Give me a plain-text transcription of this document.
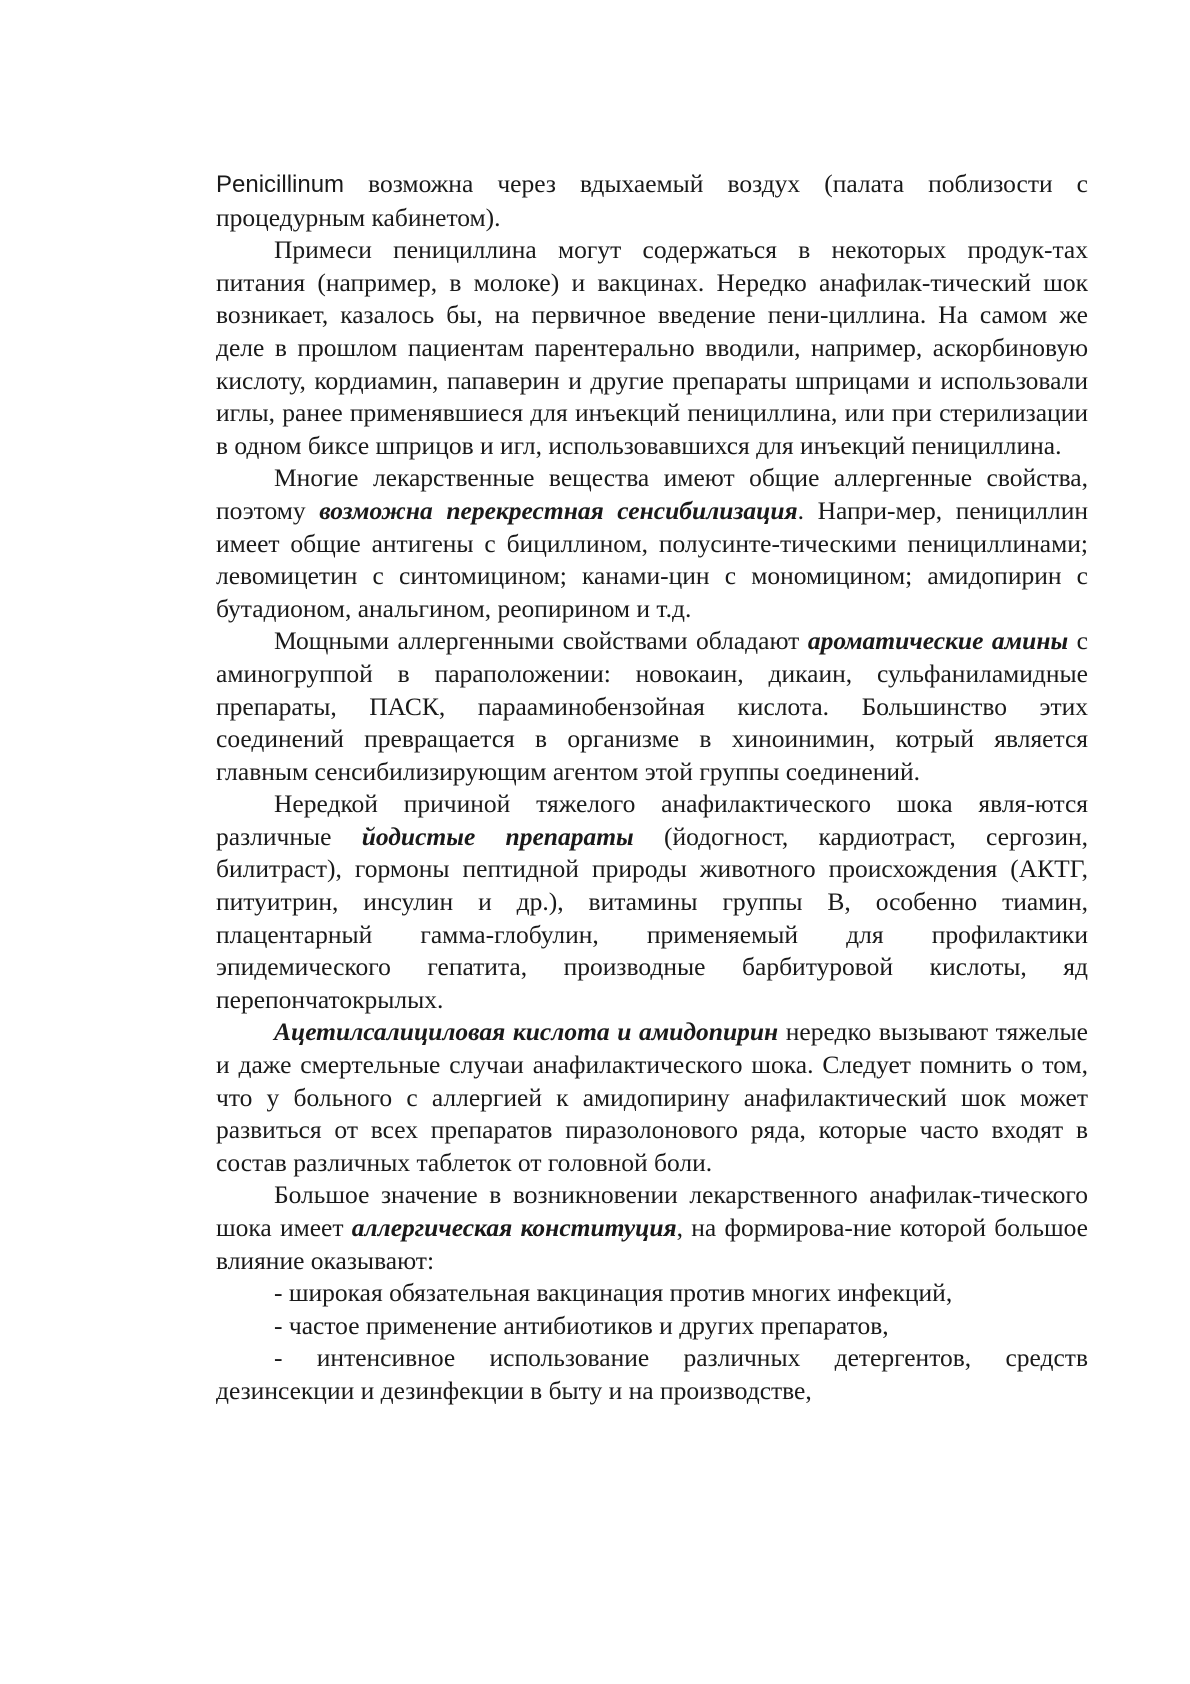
Penicillinum возможна через вдыхаемый воздух (палата поблизости с процедурным кабинетом).

Примеси пенициллина могут содержаться в некоторых продук-тах питания (например, в молоке) и вакцинах. Нередко анафилак-тический шок возникает, казалось бы, на первичное введение пени-циллина. На самом же деле в прошлом пациентам парентерально вводили, например, аскорбиновую кислоту, кордиамин, папаверин и другие препараты шприцами и использовали иглы, ранее применявшиеся для инъекций пенициллина, или при стерилизации в одном биксе шприцов и игл, использовавшихся для инъекций пенициллина.

Многие лекарственные вещества имеют общие аллергенные свойства, поэтому возможна перекрестная сенсибилизация. Напри-мер, пенициллин имеет общие антигены с бициллином, полусинте-тическими пенициллинами; левомицетин с синтомицином; канами-цин с мономицином; амидопирин с бутадионом, анальгином, реопирином и т.д.

Мощными аллергенными свойствами обладают ароматические амины с аминогруппой в параположении: новокаин, дикаин, сульфаниламидные препараты, ПАСК, парааминобензойная кислота. Большинство этих соединений превращается в организме в хиноинимин, котрый является главным сенсибилизирующим агентом этой группы соединений.

Нередкой причиной тяжелого анафилактического шока явля-ются различные йодистые препараты (йодогност, кардиотраст, сергозин, билитраст), гормоны пептидной природы животного происхождения (АКТГ, питуитрин, инсулин и др.), витамины группы В, особенно тиамин, плацентарный гамма-глобулин, применяемый для профилактики эпидемического гепатита, производные барбитуровой кислоты, яд перепончатокрылых.

Ацетилсалициловая кислота и амидопирин нередко вызывают тяжелые и даже смертельные случаи анафилактического шока. Следует помнить о том, что у больного с аллергией к амидопирину анафилактический шок может развиться от всех препаратов пиразолонового ряда, которые часто входят в состав различных таблеток от головной боли.

Большое значение в возникновении лекарственного анафилак-тического шока имеет аллергическая конституция, на формирова-ние которой большое влияние оказывают:

- широкая обязательная вакцинация против многих инфекций,

- частое применение антибиотиков и других препаратов,

- интенсивное использование различных детергентов, средств дезинсекции и дезинфекции в быту и на производстве,
